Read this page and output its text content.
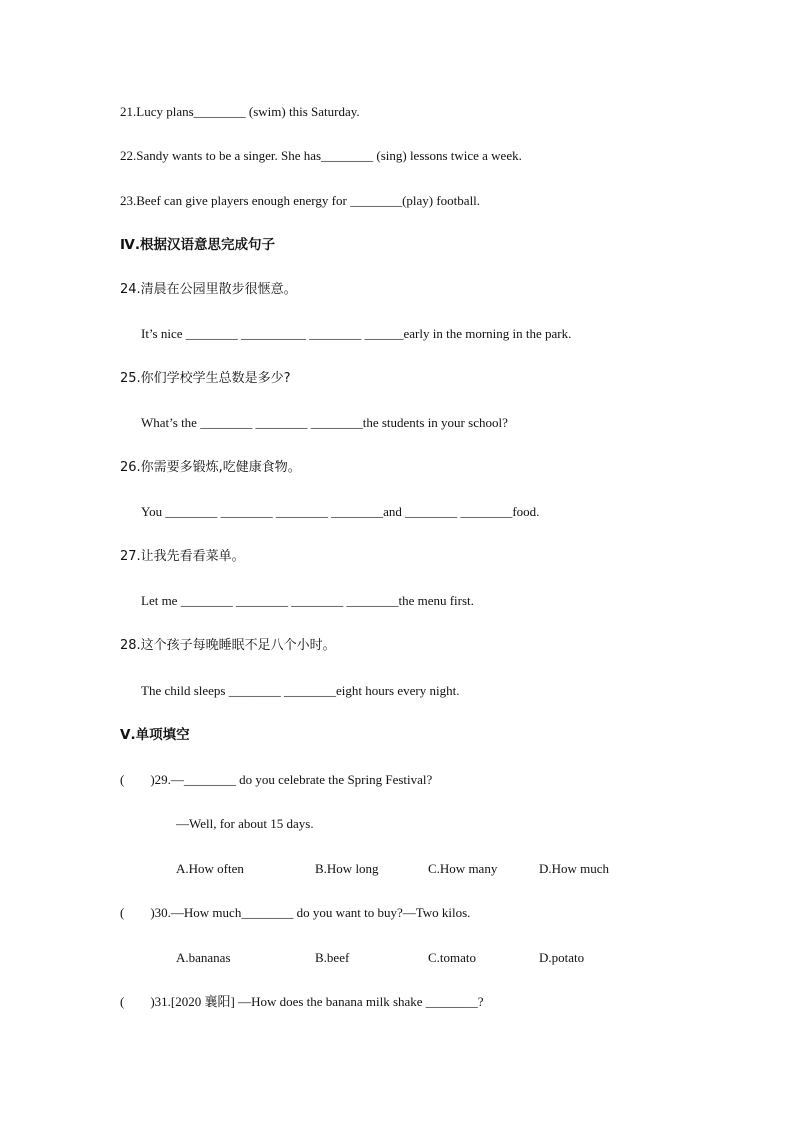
21.Lucy plans________ (swim) this Saturday.
22.Sandy wants to be a singer. She has________ (sing) lessons twice a week.
23.Beef can give players enough energy for ________(play) football.
Ⅳ.根据汉语意思完成句子
24.清晨在公园里散步很惬意。
It’s nice ________ __________ ________ ______early in the morning in the park.
25.你们学校学生总数是多少?
What’s the ________ ________ ________the students in your school?
26.你需要多锻炼,吃健康食物。
You ________ ________ ________ ________and ________ ________food.
27.让我先看看菜单。
Let me ________ ________ ________ ________the menu first.
28.这个孩子每晚睡眠不足八个小时。
The child sleeps ________ ________eight hours every night.
Ⅴ.单项填空
(        )29.—________ do you celebrate the Spring Festival?
—Well, for about 15 days.
A.How often	B.How long	C.How many	D.How much
(        )30.—How much________ do you want to buy?—Two kilos.
A.bananas	B.beef	C.tomato	D.potato
(        )31.[2020 襄阳] —How does the banana milk shake ________?
